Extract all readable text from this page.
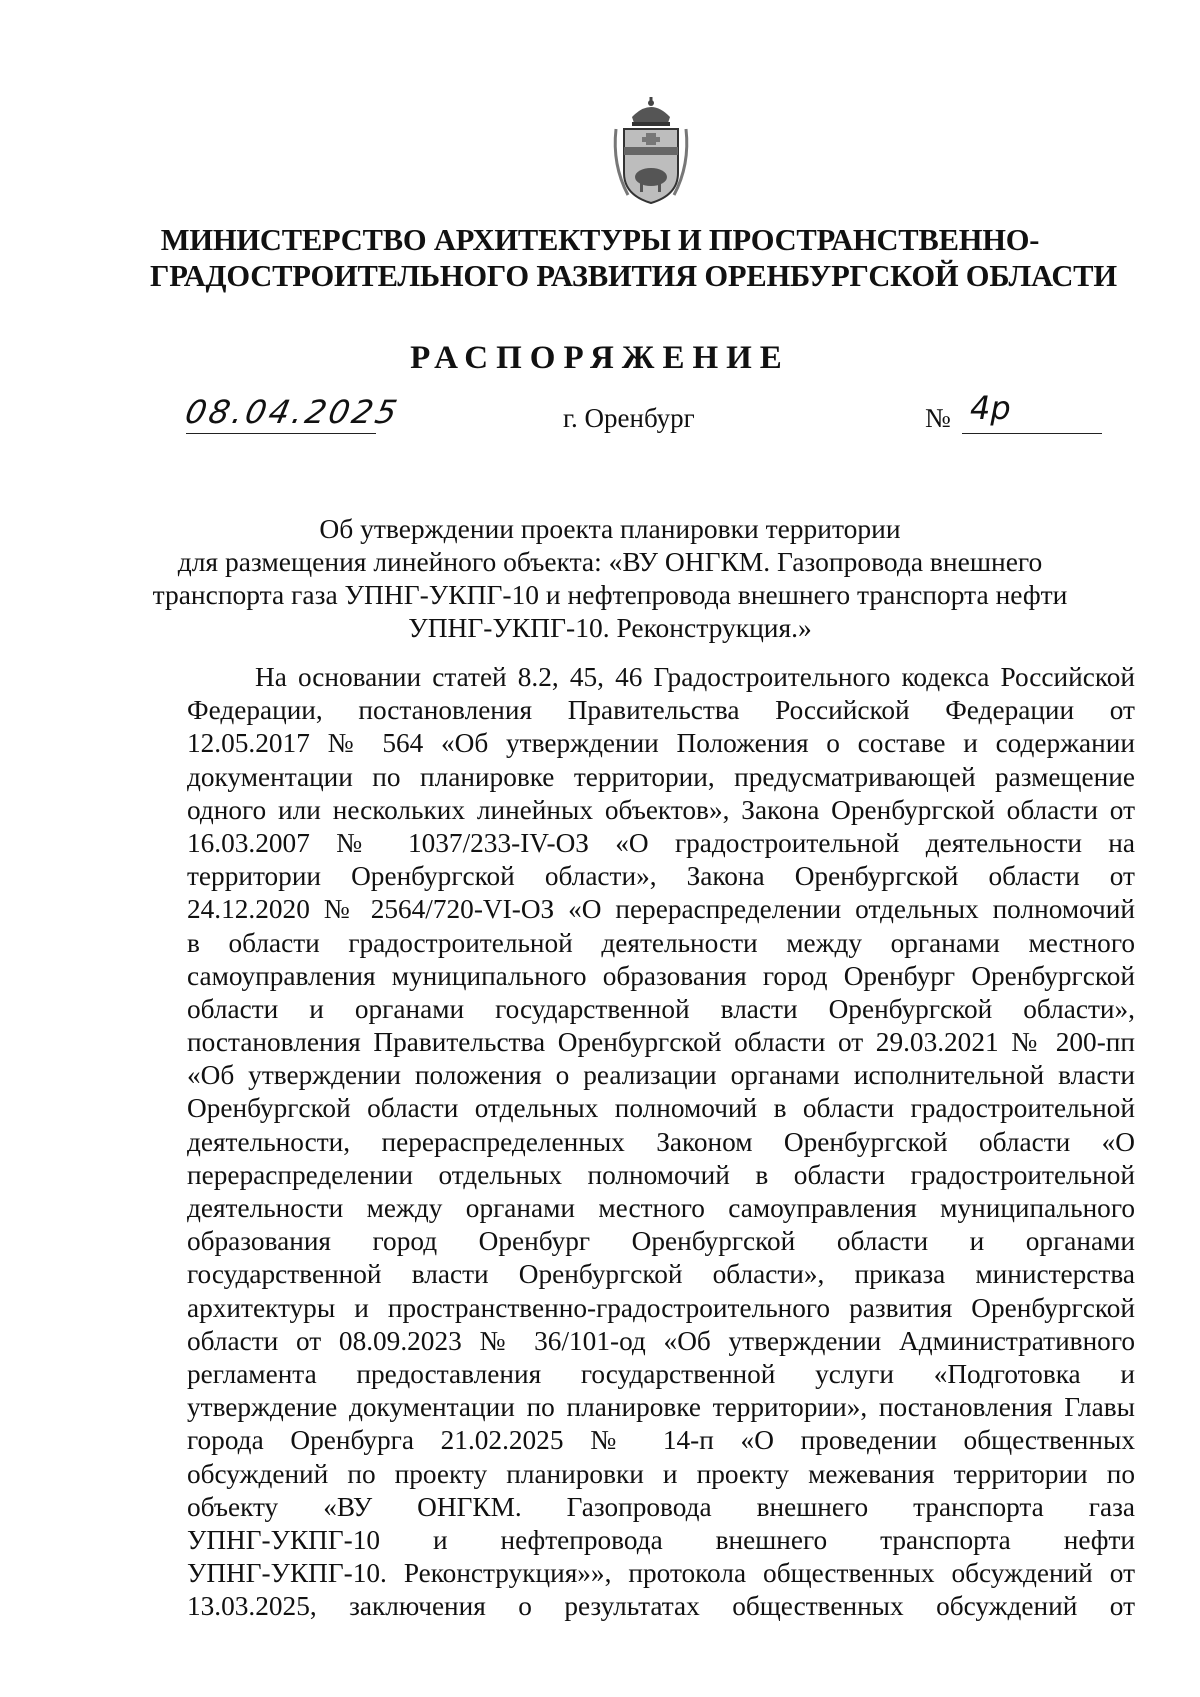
МИНИСТЕРСТВО АРХИТЕКТУРЫ И ПРОСТРАНСТВЕННО-
ГРАДОСТРОИТЕЛЬНОГО РАЗВИТИЯ ОРЕНБУРГСКОЙ ОБЛАСТИ
РАСПОРЯЖЕНИЕ
08.04.2025	г. Оренбург	№ 4р
Об утверждении проекта планировки территории
для размещения линейного объекта: «ВУ ОНГКМ. Газопровода внешнего
транспорта газа УПНГ-УКПГ-10 и нефтепровода внешнего транспорта нефти
УПНГ-УКПГ-10. Реконструкция.»
На основании статей 8.2, 45, 46 Градостроительного кодекса Российской
Федерации, постановления Правительства Российской Федерации от
12.05.2017 № 564 «Об утверждении Положения о составе и содержании
документации по планировке территории, предусматривающей размещение
одного или нескольких линейных объектов», Закона Оренбургской области от
16.03.2007 № 1037/233-IV-ОЗ «О градостроительной деятельности на
территории Оренбургской области», Закона Оренбургской области от
24.12.2020 № 2564/720-VI-ОЗ «О перераспределении отдельных полномочий
в области градостроительной деятельности между органами местного
самоуправления муниципального образования город Оренбург Оренбургской
области и органами государственной власти Оренбургской области»,
постановления Правительства Оренбургской области от 29.03.2021 № 200-пп
«Об утверждении положения о реализации органами исполнительной власти
Оренбургской области отдельных полномочий в области градостроительной
деятельности, перераспределенных Законом Оренбургской области «О
перераспределении отдельных полномочий в области градостроительной
деятельности между органами местного самоуправления муниципального
образования город Оренбург Оренбургской области и органами
государственной власти Оренбургской области», приказа министерства
архитектуры и пространственно-градостроительного развития Оренбургской
области от 08.09.2023 № 36/101-од «Об утверждении Административного
регламента предоставления государственной услуги «Подготовка и
утверждение документации по планировке территории», постановления Главы
города Оренбурга 21.02.2025 № 14-п «О проведении общественных
обсуждений по проекту планировки и проекту межевания территории по
объекту «ВУ ОНГКМ. Газопровода внешнего транспорта газа
УПНГ-УКПГ-10 и нефтепровода внешнего транспорта нефти
УПНГ-УКПГ-10. Реконструкция»», протокола общественных обсуждений от
13.03.2025, заключения о результатах общественных обсуждений от
